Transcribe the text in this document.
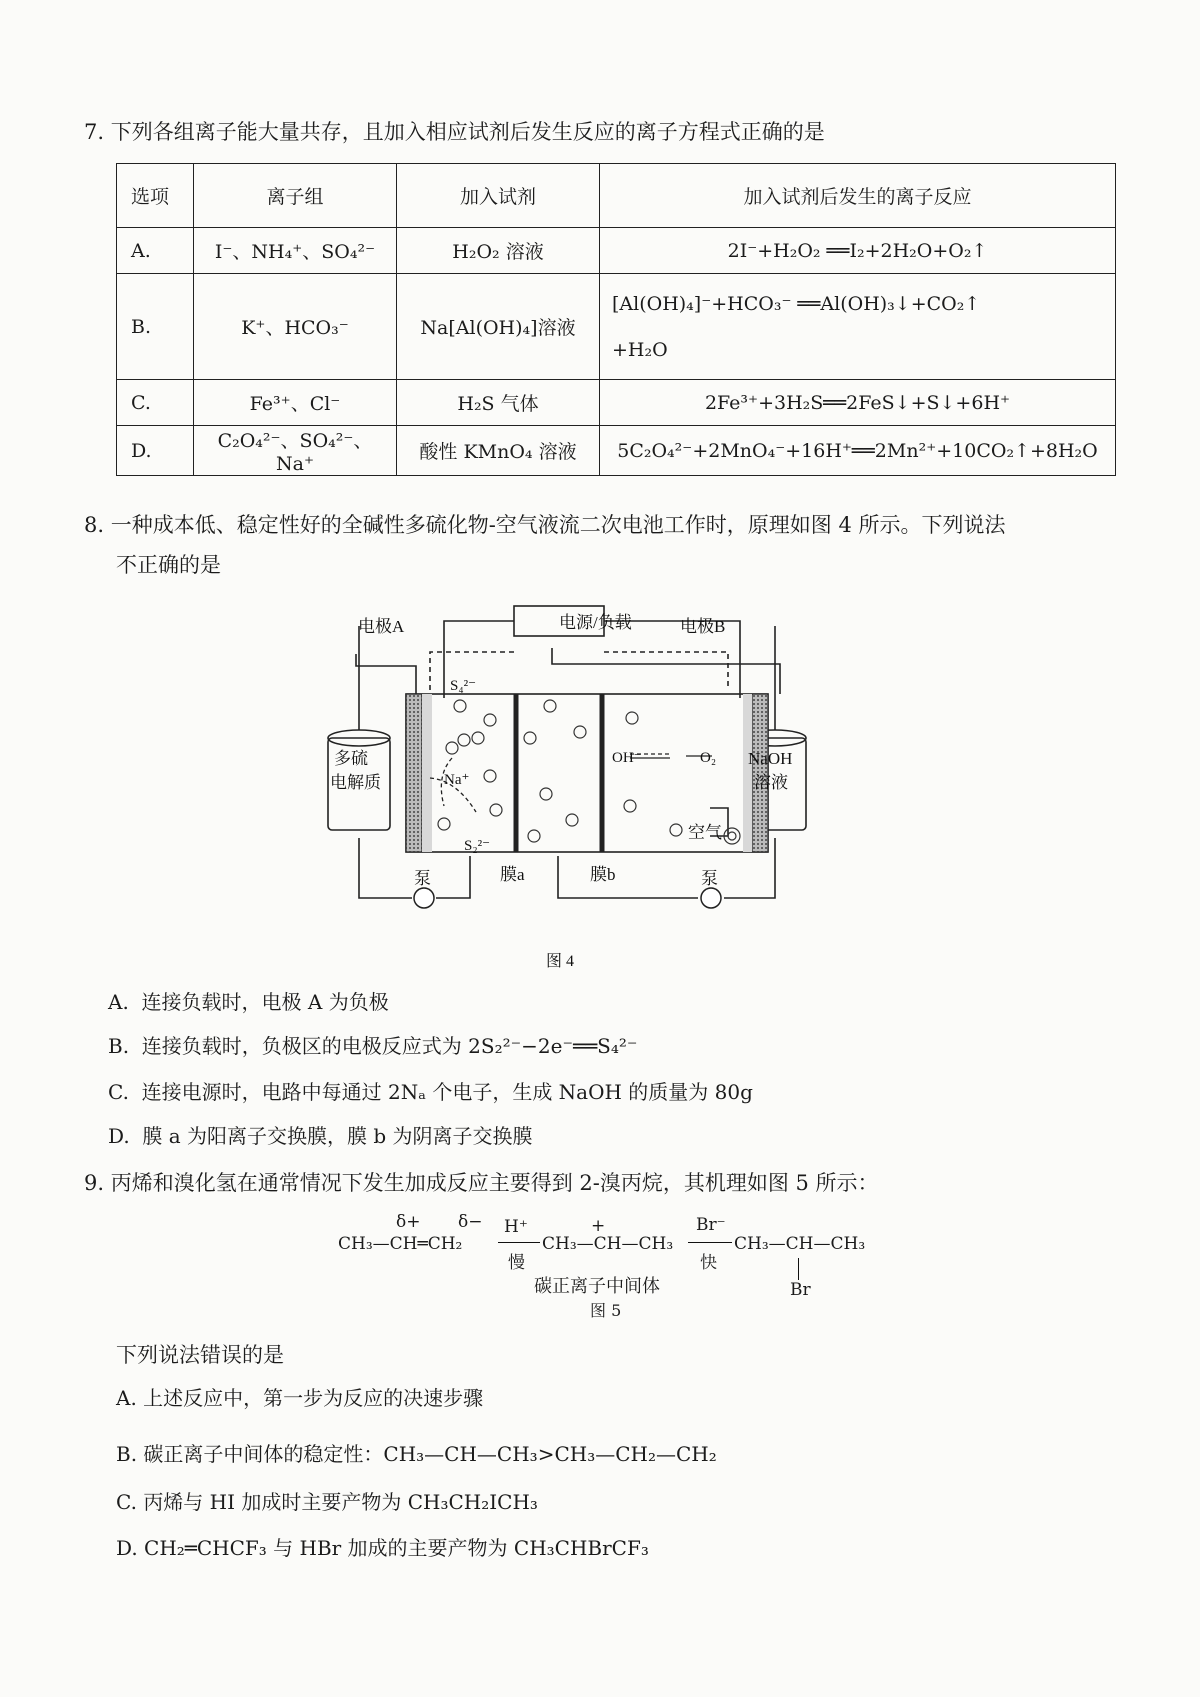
7. 下列各组离子能大量共存，且加入相应试剂后发生反应的离子方程式正确的是
选项	离子组	加入试剂	加入试剂后发生的离子反应
A.	I⁻、NH₄⁺、SO₄²⁻	H₂O₂ 溶液	2I⁻+H₂O₂ ══I₂+2H₂O+O₂↑
B.	K⁺、HCO₃⁻	Na[Al(OH)₄]溶液	[Al(OH)₄]⁻+HCO₃⁻ ══Al(OH)₃↓+CO₂↑
+H₂O

C.	Fe³⁺、Cl⁻	H₂S 气体	2Fe³⁺+3H₂S══2FeS↓+S↓+6H⁺
D.	C₂O₄²⁻、SO₄²⁻、Na⁺	酸性 KMnO₄ 溶液	5C₂O₄²⁻+2MnO₄⁻+16H⁺══2Mn²⁺+10CO₂↑+8H₂O
8. 一种成本低、稳定性好的全碱性多硫化物-空气液流二次电池工作时，原理如图 4 所示。下列说法
不正确的是
电源/负载
电极A	电极B
多硫
电解质
NaOH
溶液
S₄²⁻
Na⁺
S₂²⁻
OH⁻	O₂
空气
膜a	膜b
泵	泵
图 4
A. 连接负载时，电极 A 为负极
B. 连接负载时，负极区的电极反应式为 2S₂²⁻−2e⁻══S₄²⁻
C. 连接电源时，电路中每通过 2Nₐ 个电子，生成 NaOH 的质量为 80g
D. 膜 a 为阳离子交换膜，膜 b 为阴离子交换膜
9. 丙烯和溴化氢在通常情况下发生加成反应主要得到 2-溴丙烷，其机理如图 5 所示：
δ+ δ−
CH₃—CH═CH₂
H⁺
慢
+
CH₃—CH—CH₃
Br⁻
快
CH₃—CH—CH₃
Br
碳正离子中间体
图 5
下列说法错误的是
A. 上述反应中，第一步为反应的决速步骤
B. 碳正离子中间体的稳定性：CH₃—CH—CH₃>CH₃—CH₂—CH₂
C. 丙烯与 HI 加成时主要产物为 CH₃CH₂ICH₃
D. CH₂═CHCF₃ 与 HBr 加成的主要产物为 CH₃CHBrCF₃
